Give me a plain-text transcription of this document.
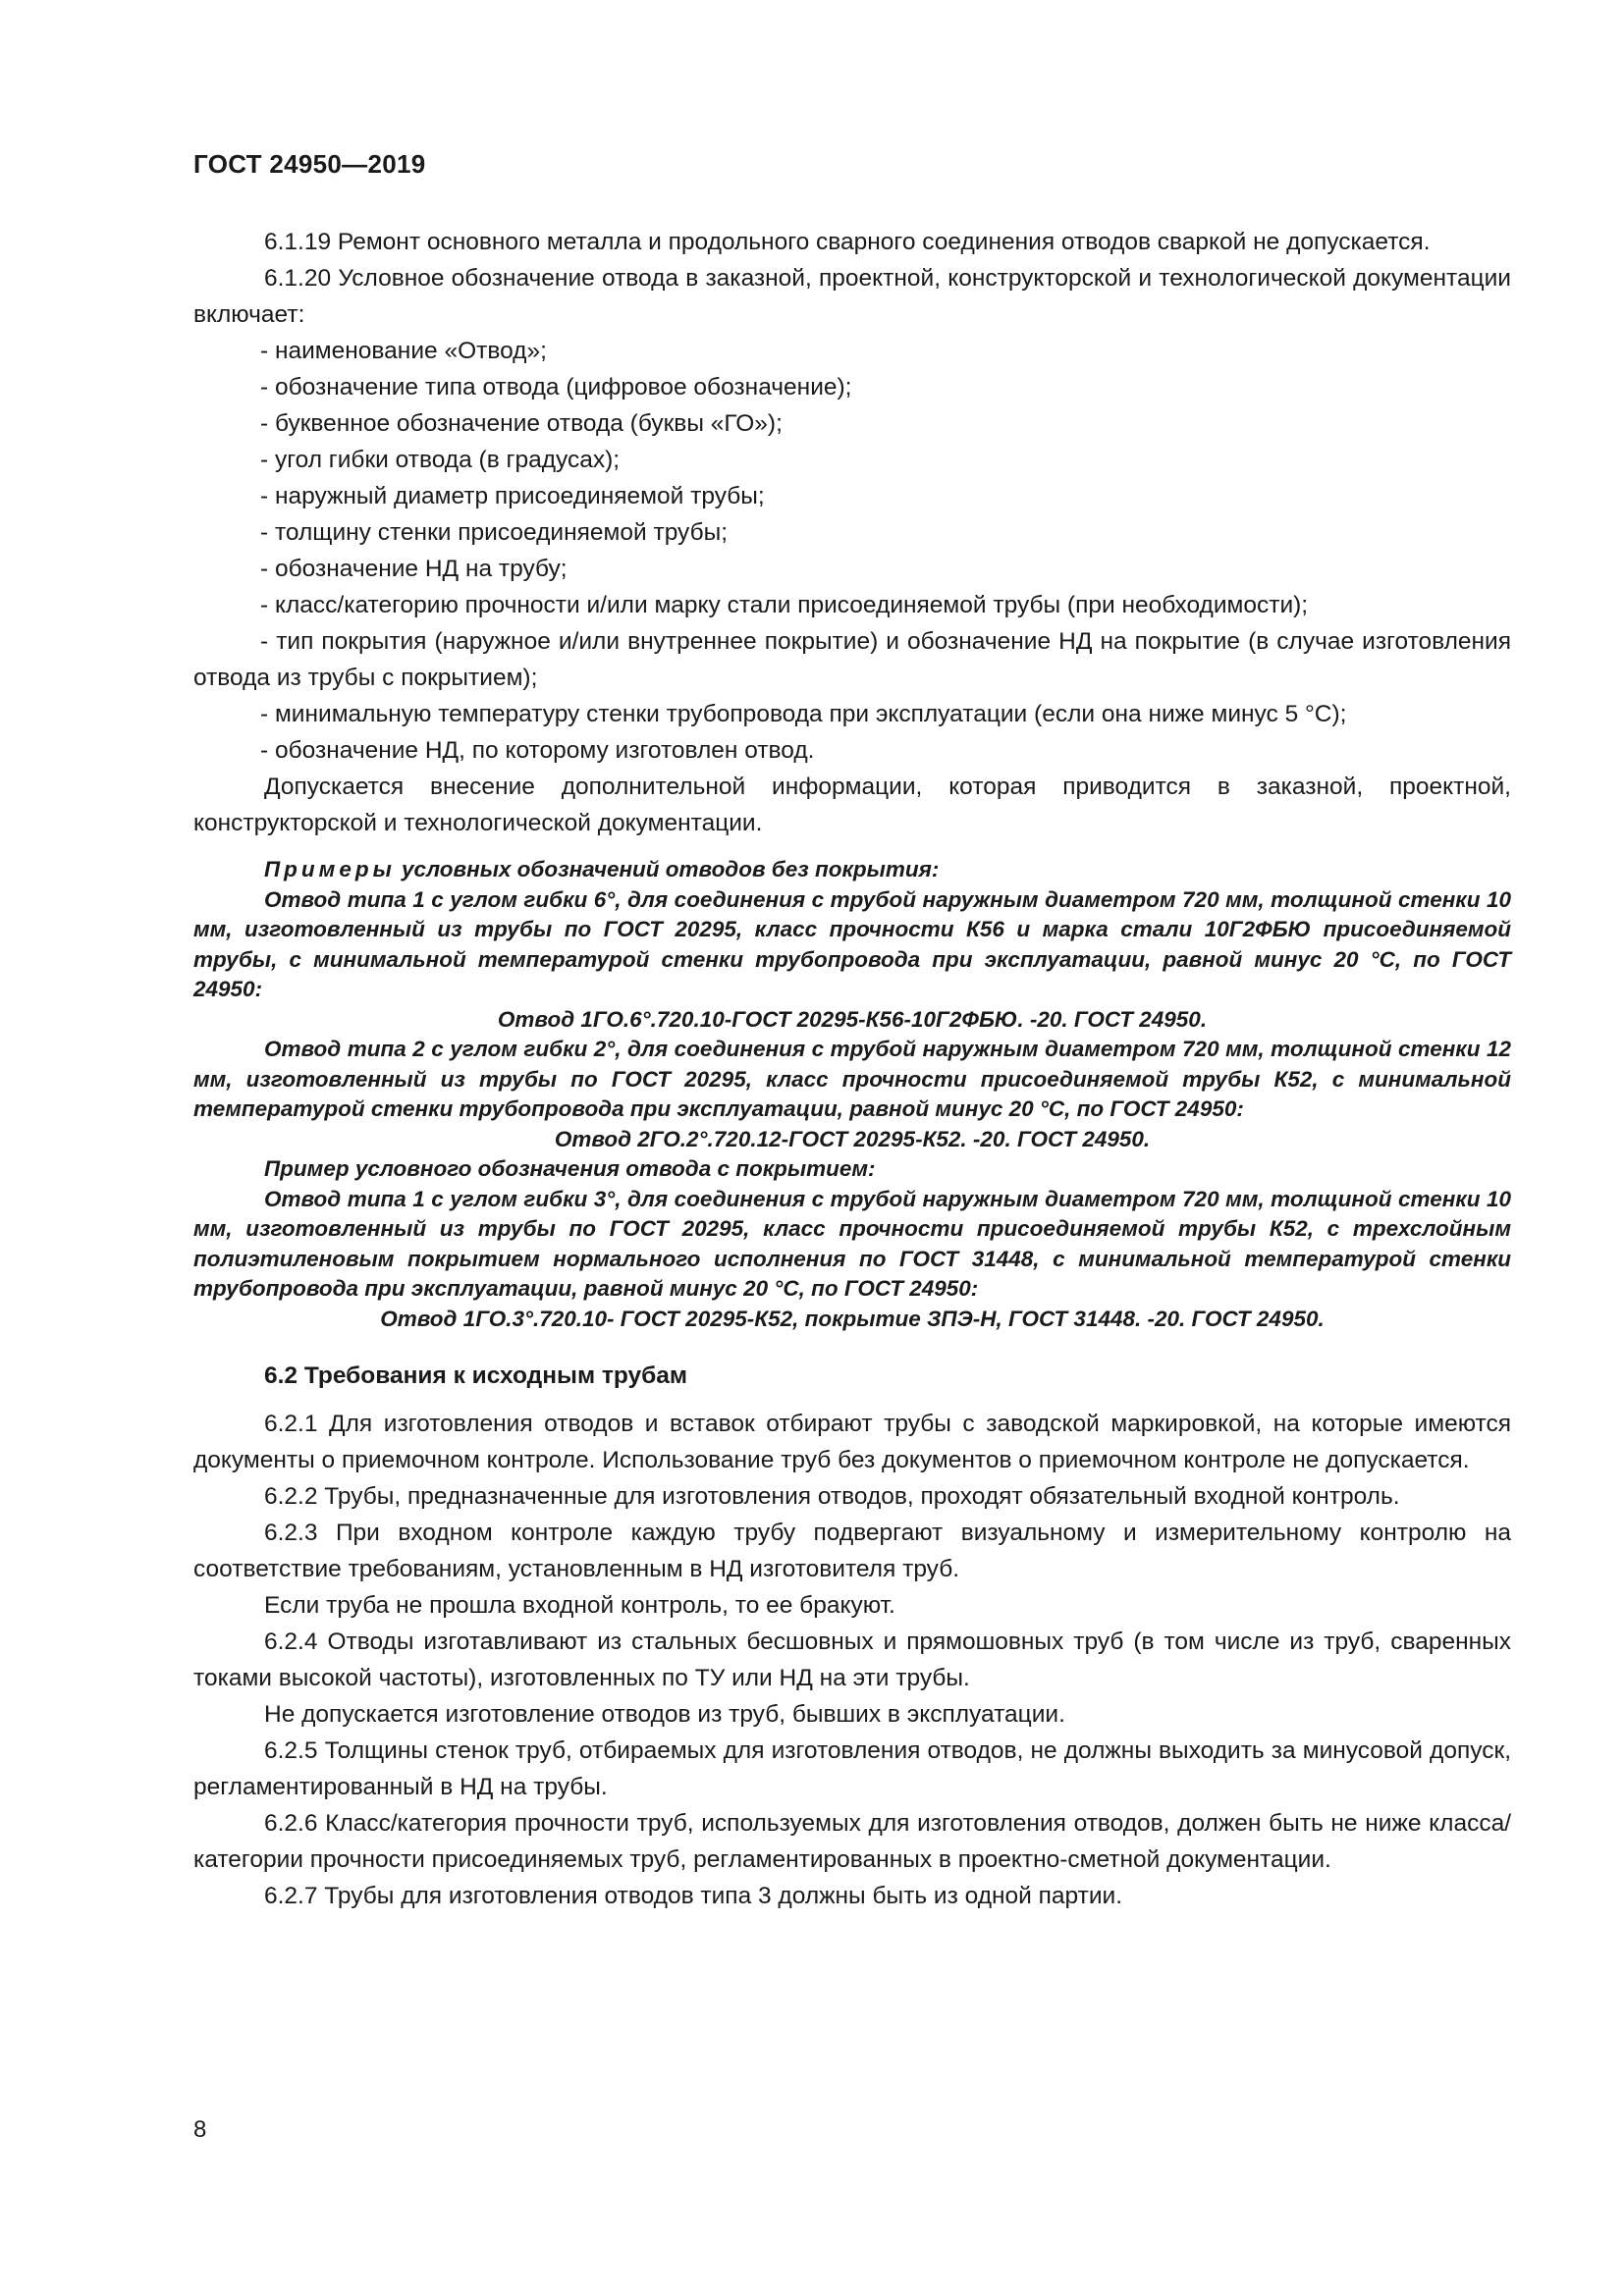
ГОСТ 24950—2019

6.1.19 Ремонт основного металла и продольного сварного соединения отводов сваркой не допускается.

6.1.20 Условное обозначение отвода в заказной, проектной, конструкторской и технологической документации включает:

- наименование «Отвод»;

- обозначение типа отвода (цифровое обозначение);

- буквенное обозначение отвода (буквы «ГО»);

- угол гибки отвода (в градусах);

- наружный диаметр присоединяемой трубы;

- толщину стенки присоединяемой трубы;

- обозначение НД на трубу;

- класс/категорию прочности и/или марку стали присоединяемой трубы (при необходимости);

- тип покрытия (наружное и/или внутреннее покрытие) и обозначение НД на покрытие (в случае изготовления отвода из трубы с покрытием);

- минимальную температуру стенки трубопровода при эксплуатации (если она ниже минус 5 °C);

- обозначение НД, по которому изготовлен отвод.

Допускается внесение дополнительной информации, которая приводится в заказной, проектной, конструкторской и технологической документации.

Примеры условных обозначений отводов без покрытия:

Отвод типа 1 с углом гибки 6°, для соединения с трубой наружным диаметром 720 мм, толщиной стенки 10 мм, изготовленный из трубы по ГОСТ 20295, класс прочности К56 и марка стали 10Г2ФБЮ присоединяемой трубы, с минимальной температурой стенки трубопровода при эксплуатации, равной минус 20 °C, по ГОСТ 24950:

Отвод 1ГО.6°.720.10-ГОСТ 20295-К56-10Г2ФБЮ. -20. ГОСТ 24950.

Отвод типа 2 с углом гибки 2°, для соединения с трубой наружным диаметром 720 мм, толщиной стенки 12 мм, изготовленный из трубы по ГОСТ 20295, класс прочности присоединяемой трубы К52, с минимальной температурой стенки трубопровода при эксплуатации, равной минус 20 °C, по ГОСТ 24950:

Отвод 2ГО.2°.720.12-ГОСТ 20295-К52. -20. ГОСТ 24950.

Пример условного обозначения отвода с покрытием:

Отвод типа 1 с углом гибки 3°, для соединения с трубой наружным диаметром 720 мм, толщиной стенки 10 мм, изготовленный из трубы по ГОСТ 20295, класс прочности присоединяемой трубы К52, с трехслойным полиэтиленовым покрытием нормального исполнения по ГОСТ 31448, с минимальной температурой стенки трубопровода при эксплуатации, равной минус 20 °C, по ГОСТ 24950:

Отвод 1ГО.3°.720.10- ГОСТ 20295-К52, покрытие ЗПЭ-Н, ГОСТ 31448. -20. ГОСТ 24950.

6.2 Требования к исходным трубам

6.2.1 Для изготовления отводов и вставок отбирают трубы с заводской маркировкой, на которые имеются документы о приемочном контроле. Использование труб без документов о приемочном контроле не допускается.

6.2.2 Трубы, предназначенные для изготовления отводов, проходят обязательный входной контроль.

6.2.3 При входном контроле каждую трубу подвергают визуальному и измерительному контролю на соответствие требованиям, установленным в НД изготовителя труб.

Если труба не прошла входной контроль, то ее бракуют.

6.2.4 Отводы изготавливают из стальных бесшовных и прямошовных труб (в том числе из труб, сваренных токами высокой частоты), изготовленных по ТУ или НД на эти трубы.

Не допускается изготовление отводов из труб, бывших в эксплуатации.

6.2.5 Толщины стенок труб, отбираемых для изготовления отводов, не должны выходить за минусовой допуск, регламентированный в НД на трубы.

6.2.6 Класс/категория прочности труб, используемых для изготовления отводов, должен быть не ниже класса/категории прочности присоединяемых труб, регламентированных в проектно-сметной документации.

6.2.7 Трубы для изготовления отводов типа 3 должны быть из одной партии.

8
